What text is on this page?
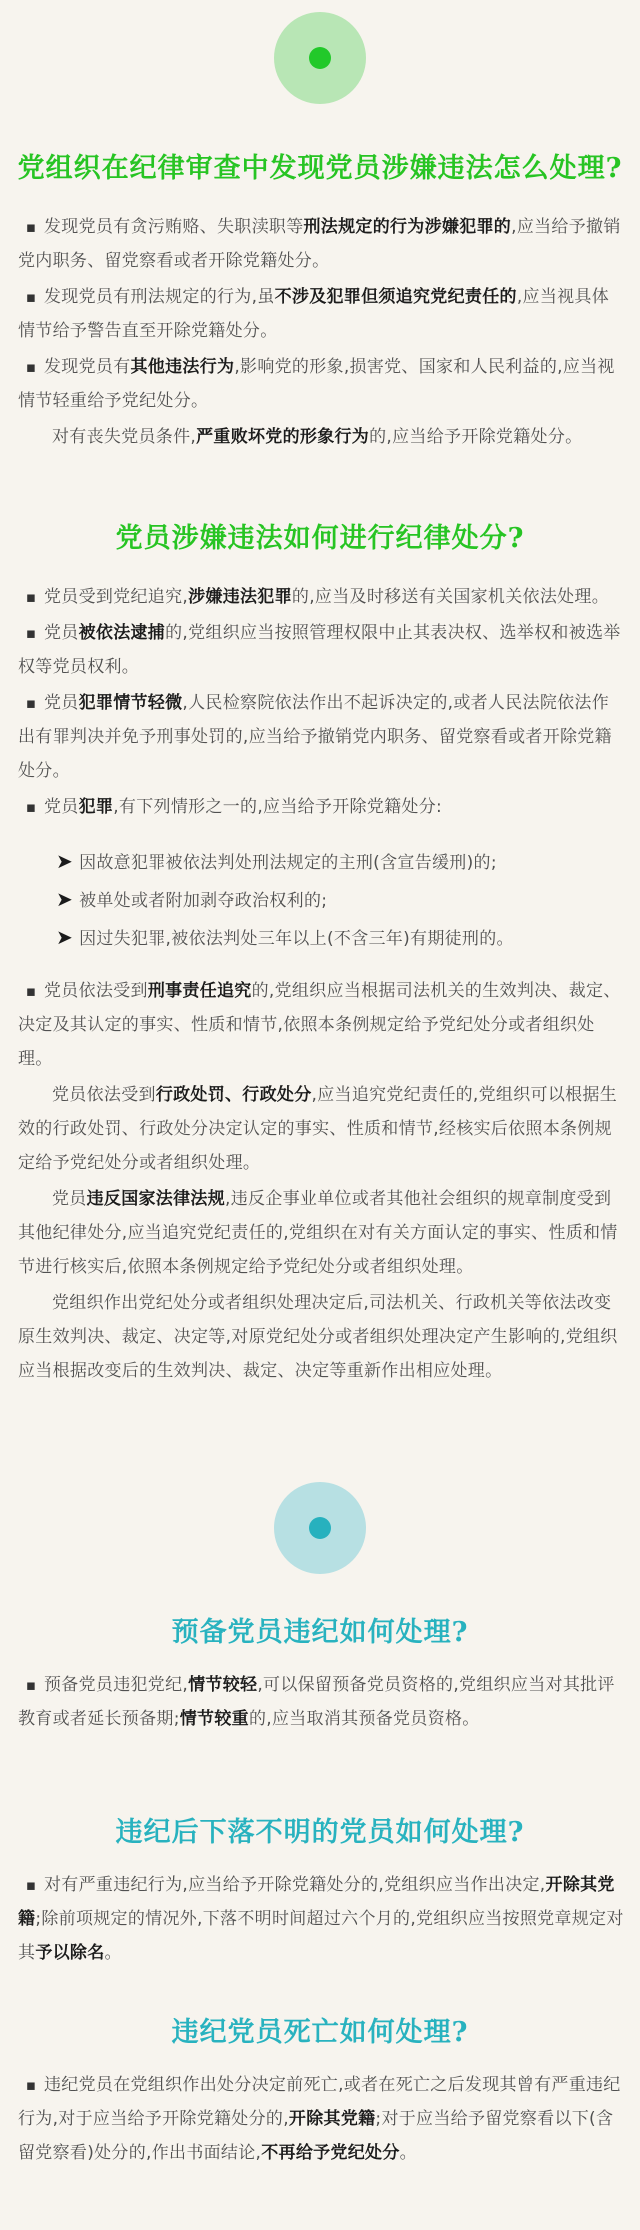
党组织在纪律审查中发现党员涉嫌违法怎么处理?

▪ 发现党员有贪污贿赂、失职渎职等刑法规定的行为涉嫌犯罪的,应当给予撤销党内职务、留党察看或者开除党籍处分。

▪ 发现党员有刑法规定的行为,虽不涉及犯罪但须追究党纪责任的,应当视具体情节给予警告直至开除党籍处分。

▪ 发现党员有其他违法行为,影响党的形象,损害党、国家和人民利益的,应当视情节轻重给予党纪处分。

对有丧失党员条件,严重败坏党的形象行为的,应当给予开除党籍处分。

党员涉嫌违法如何进行纪律处分?

▪ 党员受到党纪追究,涉嫌违法犯罪的,应当及时移送有关国家机关依法处理。

▪ 党员被依法逮捕的,党组织应当按照管理权限中止其表决权、选举权和被选举权等党员权利。

▪ 党员犯罪情节轻微,人民检察院依法作出不起诉决定的,或者人民法院依法作出有罪判决并免予刑事处罚的,应当给予撤销党内职务、留党察看或者开除党籍处分。

▪ 党员犯罪,有下列情形之一的,应当给予开除党籍处分:

➤ 因故意犯罪被依法判处刑法规定的主刑(含宣告缓刑)的;

➤ 被单处或者附加剥夺政治权利的;

➤ 因过失犯罪,被依法判处三年以上(不含三年)有期徒刑的。

▪ 党员依法受到刑事责任追究的,党组织应当根据司法机关的生效判决、裁定、决定及其认定的事实、性质和情节,依照本条例规定给予党纪处分或者组织处理。

党员依法受到行政处罚、行政处分,应当追究党纪责任的,党组织可以根据生效的行政处罚、行政处分决定认定的事实、性质和情节,经核实后依照本条例规定给予党纪处分或者组织处理。

党员违反国家法律法规,违反企事业单位或者其他社会组织的规章制度受到其他纪律处分,应当追究党纪责任的,党组织在对有关方面认定的事实、性质和情节进行核实后,依照本条例规定给予党纪处分或者组织处理。

党组织作出党纪处分或者组织处理决定后,司法机关、行政机关等依法改变原生效判决、裁定、决定等,对原党纪处分或者组织处理决定产生影响的,党组织应当根据改变后的生效判决、裁定、决定等重新作出相应处理。

预备党员违纪如何处理?

▪ 预备党员违犯党纪,情节较轻,可以保留预备党员资格的,党组织应当对其批评教育或者延长预备期;情节较重的,应当取消其预备党员资格。

违纪后下落不明的党员如何处理?

▪ 对有严重违纪行为,应当给予开除党籍处分的,党组织应当作出决定,开除其党籍;除前项规定的情况外,下落不明时间超过六个月的,党组织应当按照党章规定对其予以除名。

违纪党员死亡如何处理?

▪ 违纪党员在党组织作出处分决定前死亡,或者在死亡之后发现其曾有严重违纪行为,对于应当给予开除党籍处分的,开除其党籍;对于应当给予留党察看以下(含留党察看)处分的,作出书面结论,不再给予党纪处分。
